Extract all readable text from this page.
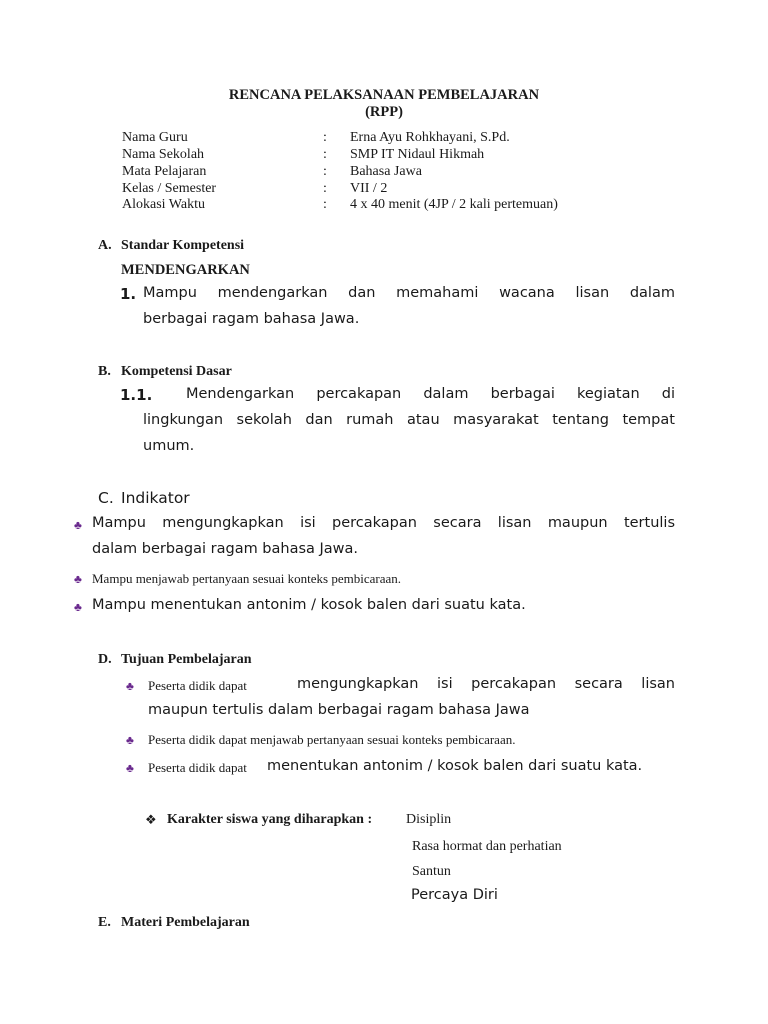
RENCANA PELAKSANAAN PEMBELAJARAN
(RPP)
Nama Guru	: Erna Ayu Rohkhayani, S.Pd.
Nama Sekolah	: SMP IT Nidaul Hikmah
Mata Pelajaran	: Bahasa Jawa
Kelas / Semester	: VII / 2
Alokasi Waktu	: 4 x 40 menit (4JP / 2 kali pertemuan)
A. Standar Kompetensi
MENDENGARKAN
1. Mampu mendengarkan dan memahami wacana lisan dalam
berbagai ragam bahasa Jawa.
B. Kompetensi Dasar
1.1. Mendengarkan percakapan dalam berbagai kegiatan di
lingkungan sekolah dan rumah atau masyarakat tentang tempat
umum.
C. Indikator
♣ Mampu mengungkapkan isi percakapan secara lisan maupun tertulis
dalam berbagai ragam bahasa Jawa.
♣ Mampu menjawab pertanyaan sesuai konteks pembicaraan.
♣ Mampu menentukan antonim / kosok balen dari suatu kata.
D. Tujuan Pembelajaran
♣ Peserta didik dapat	mengungkapkan isi percakapan secara lisan
maupun tertulis dalam berbagai ragam bahasa Jawa
♣ Peserta didik dapat menjawab pertanyaan sesuai konteks pembicaraan.
♣ Peserta didik dapat menentukan antonim / kosok balen dari suatu kata.
❖ Karakter siswa yang diharapkan : Disiplin
Rasa hormat dan perhatian
Santun
Percaya Diri
E. Materi Pembelajaran
